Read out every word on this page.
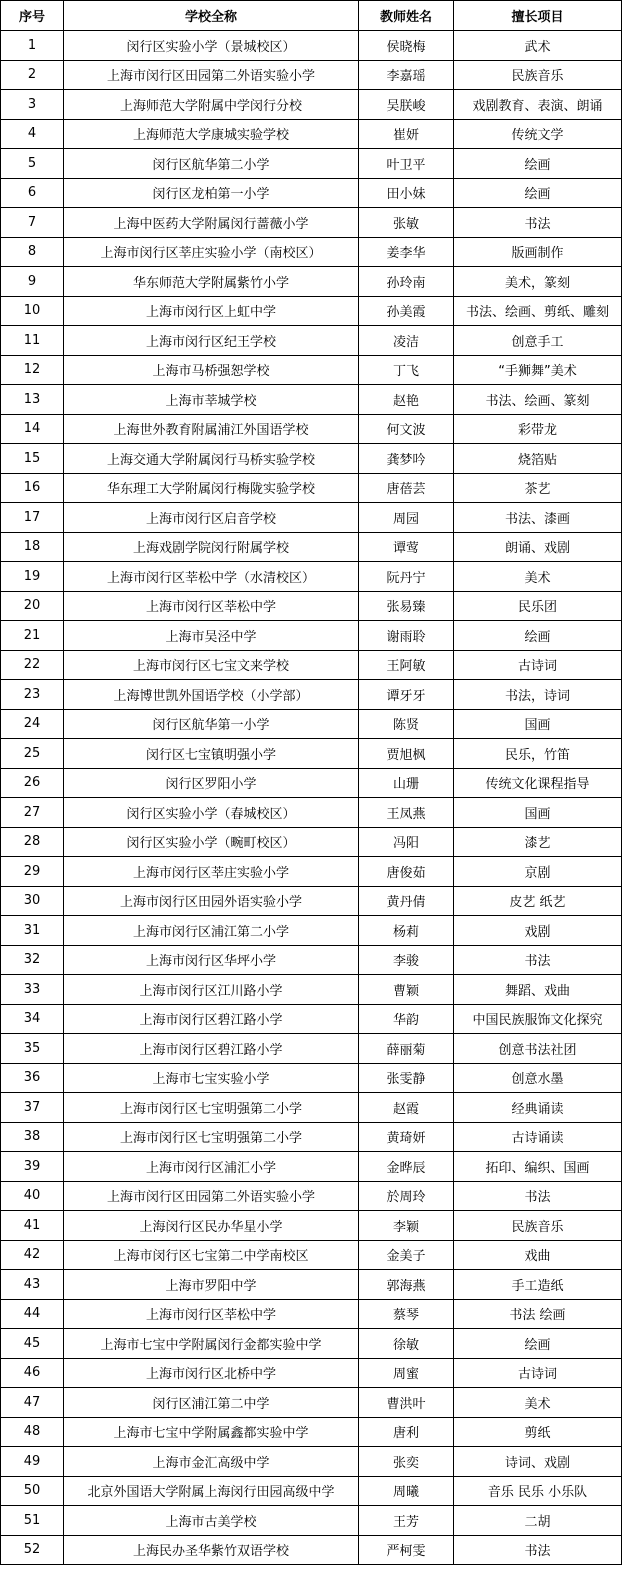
序号	学校全称	教师姓名	擅长项目
1	闵行区实验小学（景城校区）	侯晓梅	武术
2	上海市闵行区田园第二外语实验小学	李嘉瑶	民族音乐
3	上海师范大学附属中学闵行分校	吴朕峻	戏剧教育、表演、朗诵
4	上海师范大学康城实验学校	崔妍	传统文学
5	闵行区航华第二小学	叶卫平	绘画
6	闵行区龙柏第一小学	田小妹	绘画
7	上海中医药大学附属闵行蔷薇小学	张敏	书法
8	上海市闵行区莘庄实验小学（南校区）	姜李华	版画制作
9	华东师范大学附属紫竹小学	孙玲南	美术，篆刻
10	上海市闵行区上虹中学	孙美霞	书法、绘画、剪纸、雕刻
11	上海市闵行区纪王学校	凌洁	创意手工
12	上海市马桥强恕学校	丁飞	“手狮舞”美术
13	上海市莘城学校	赵艳	书法、绘画、篆刻
14	上海世外教育附属浦江外国语学校	何文波	彩带龙
15	上海交通大学附属闵行马桥实验学校	龚梦吟	烧箔贴
16	华东理工大学附属闵行梅陇实验学校	唐蓓芸	茶艺
17	上海市闵行区启音学校	周园	书法、漆画
18	上海戏剧学院闵行附属学校	谭莺	朗诵、戏剧
19	上海市闵行区莘松中学（水清校区）	阮丹宁	美术
20	上海市闵行区莘松中学	张易臻	民乐团
21	上海市吴泾中学	谢雨聆	绘画
22	上海市闵行区七宝文来学校	王阿敏	古诗词
23	上海博世凯外国语学校（小学部）	谭牙牙	书法，诗词
24	闵行区航华第一小学	陈贤	国画
25	闵行区七宝镇明强小学	贾旭枫	民乐，竹笛
26	闵行区罗阳小学	山珊	传统文化课程指导
27	闵行区实验小学（春城校区）	王凤燕	国画
28	闵行区实验小学（畹町校区）	冯阳	漆艺
29	上海市闵行区莘庄实验小学	唐俊茹	京剧
30	上海市闵行区田园外语实验小学	黄丹倩	皮艺 纸艺
31	上海市闵行区浦江第二小学	杨莉	戏剧
32	上海市闵行区华坪小学	李骏	书法
33	上海市闵行区江川路小学	曹颖	舞蹈、戏曲
34	上海市闵行区碧江路小学	华韵	中国民族服饰文化探究
35	上海市闵行区碧江路小学	薛丽菊	创意书法社团
36	上海市七宝实验小学	张雯静	创意水墨
37	上海市闵行区七宝明强第二小学	赵霞	经典诵读
38	上海市闵行区七宝明强第二小学	黄琦妍	古诗诵读
39	上海市闵行区浦汇小学	金晔辰	拓印、编织、国画
40	上海市闵行区田园第二外语实验小学	於周玲	书法
41	上海闵行区民办华星小学	李颖	民族音乐
42	上海市闵行区七宝第二中学南校区	金美子	戏曲
43	上海市罗阳中学	郭海燕	手工造纸
44	上海市闵行区莘松中学	蔡琴	书法 绘画
45	上海市七宝中学附属闵行金都实验中学	徐敏	绘画
46	上海市闵行区北桥中学	周蜜	古诗词
47	闵行区浦江第二中学	曹洪叶	美术
48	上海市七宝中学附属鑫都实验中学	唐利	剪纸
49	上海市金汇高级中学	张奕	诗词、戏剧
50	北京外国语大学附属上海闵行田园高级中学	周曦	音乐 民乐 小乐队
51	上海市古美学校	王芳	二胡
52	上海民办圣华紫竹双语学校	严柯雯	书法
